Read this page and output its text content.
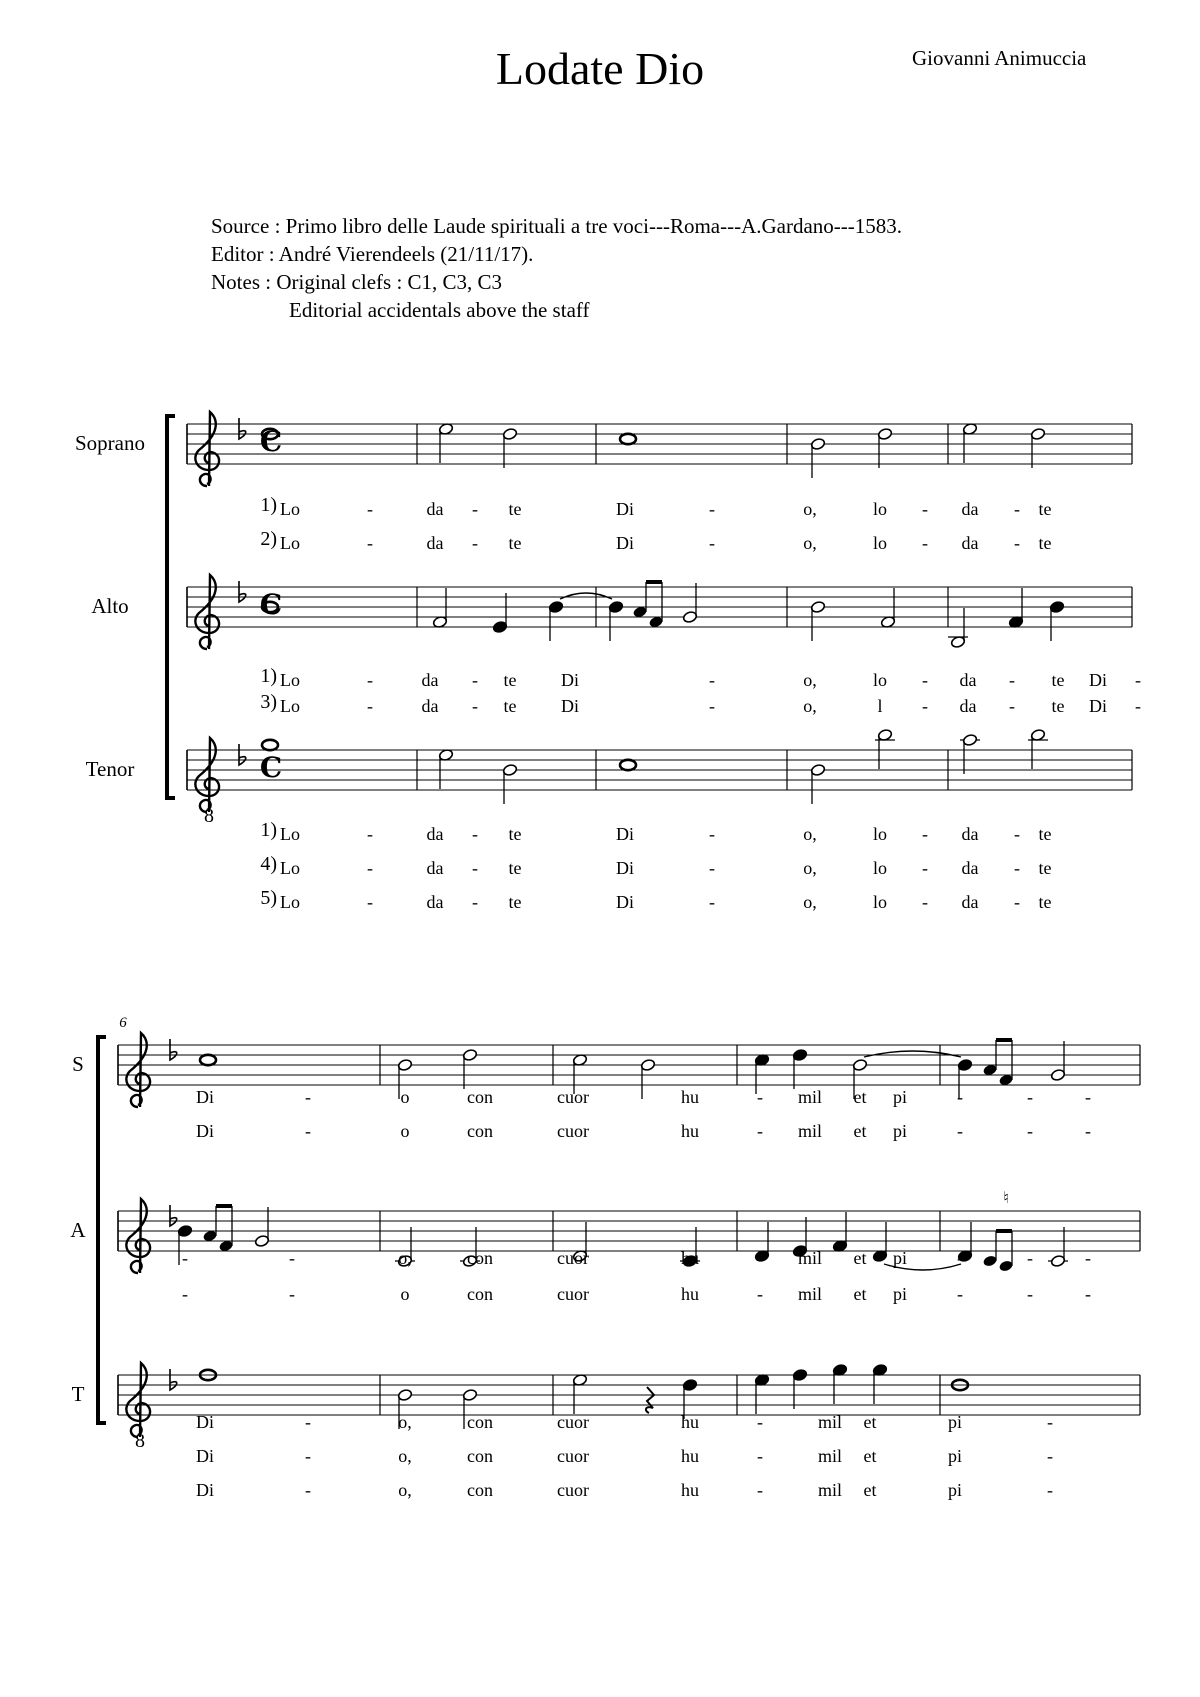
Lodate Dio	Giovanni Animuccia
Source : Primo libro delle Laude spirituali a tre voci---Roma---A.Gardano---1583.
Editor : André Vierendeels (21/11/17).
Notes : Original clefs : C1, C3, C3
Editorial accidentals above the staff
Soprano	C
1) Lo	-	da - te	Di	-	o,	lo - da - te
2) Lo	-	da - te	Di	-	o,	lo - da - te
Alto	C
1) Lo	-	da - te Di	-	o,	lo - da - te Di -
3) Lo	-	da - te Di	-	o,	l - da - te Di -
Tenor
8
C
1) Lo	-	da - te	Di	-	o,	lo - da - te
4) Lo	-	da - te	Di	-	o,	lo - da - te
5) Lo	-	da - te	Di	-	o,	lo - da - te
6
S
Di	-	o	con	cuor	hu	- mil et pi	-	-	-
Di	-	o	con	cuor	hu	- mil et pi	-	-	-
A
♮
-	-	o,	con	cuor	hu	- mil et pi	-	-	-
-	-	o	con	cuor	hu	- mil et pi	-	-	-
T
8
Di	-	o,	con	cuor	hu	-	mil et	pi	-
Di	-	o,	con	cuor	hu	-	mil et	pi	-
Di	-	o,	con	cuor	hu	-	mil et	pi	-
